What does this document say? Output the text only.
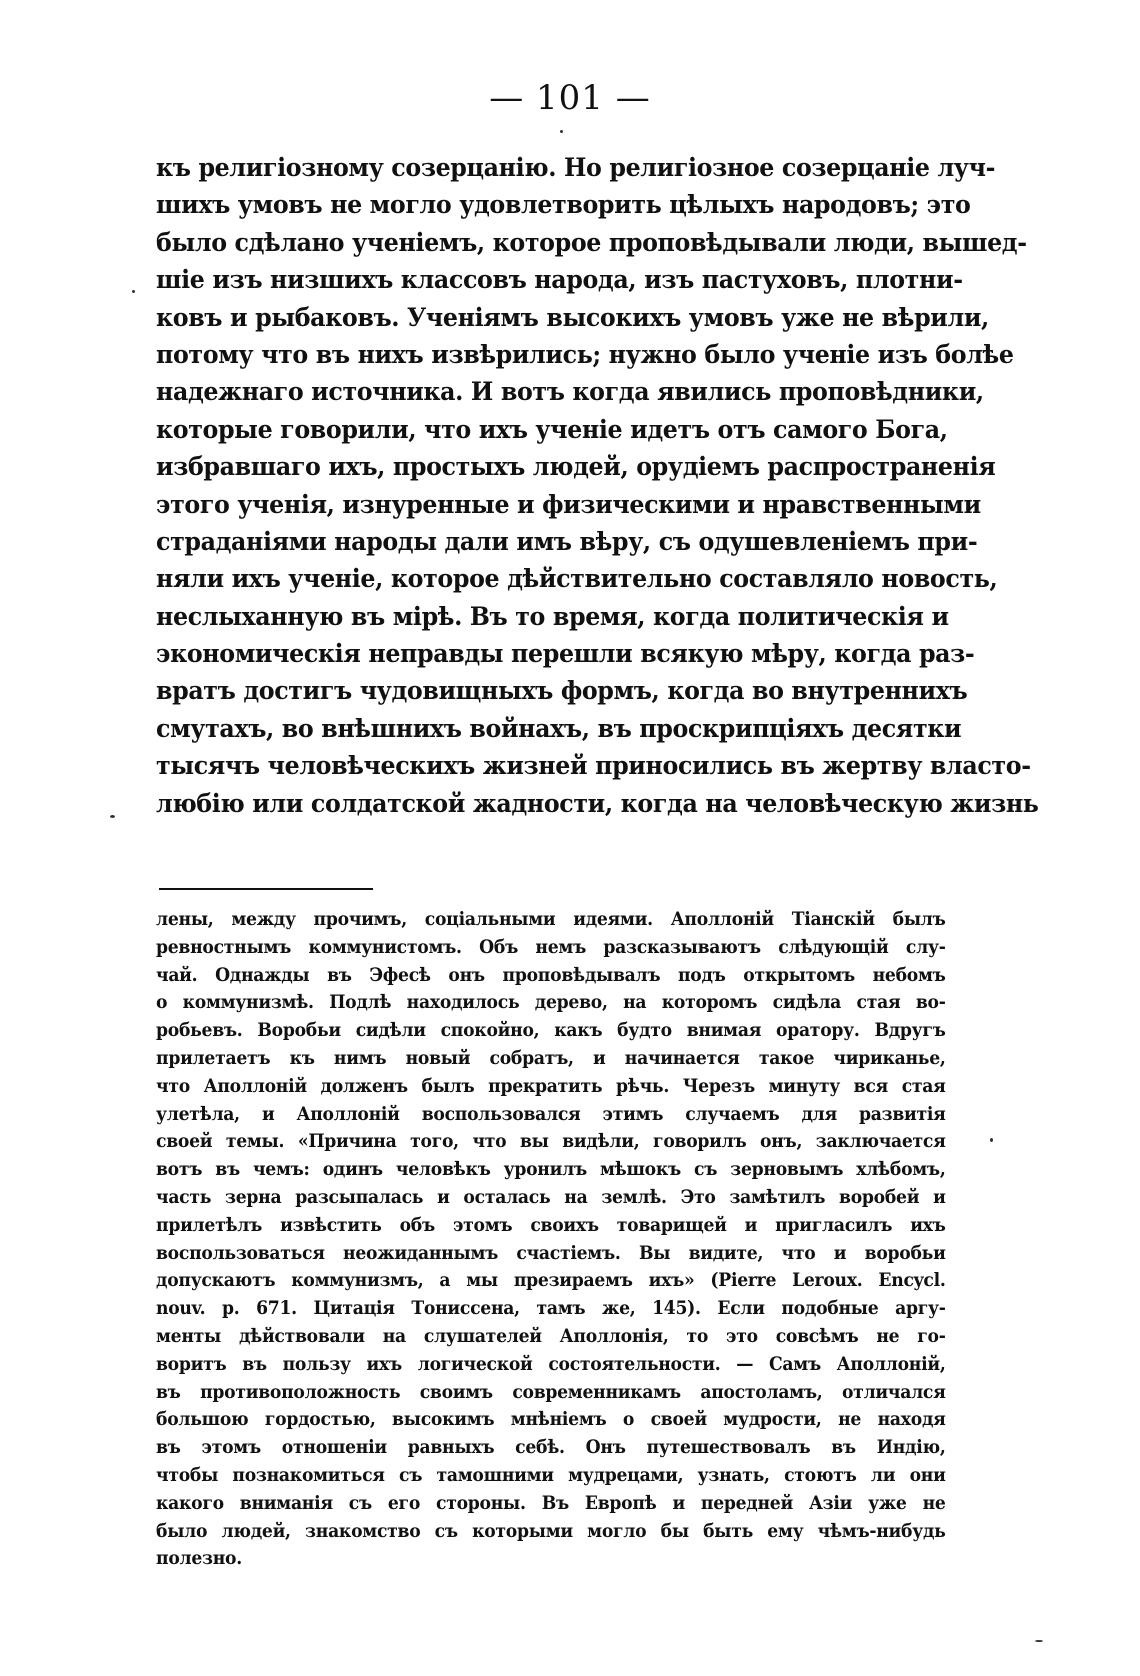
— 101 —
къ религіозному созерцанію. Но религіозное созерцаніе луч-
шихъ умовъ не могло удовлетворить цѣлыхъ народовъ; это
было сдѣлано ученіемъ, которое проповѣдывали люди, вышед-
шіе изъ низшихъ классовъ народа, изъ пастуховъ, плотни-
ковъ и рыбаковъ. Ученіямъ высокихъ умовъ уже не вѣрили,
потому что въ нихъ извѣрились; нужно было ученіе изъ болѣе
надежнаго источника. И вотъ когда явились проповѣдники,
которые говорили, что ихъ ученіе идетъ отъ самого Бога,
избравшаго ихъ, простыхъ людей, орудіемъ распространенія
этого ученія, изнуренные и физическими и нравственными
страданіями народы дали имъ вѣру, съ одушевленіемъ при-
няли ихъ ученіе, которое дѣйствительно составляло новость,
неслыханную въ мірѣ. Въ то время, когда политическія и
экономическія неправды перешли всякую мѣру, когда раз-
вратъ достигъ чудовищныхъ формъ, когда во внутреннихъ
смутахъ, во внѣшнихъ войнахъ, въ проскрипціяхъ десятки
тысячъ человѣческихъ жизней приносились въ жертву власто-
любію или солдатской жадности, когда на человѣческую жизнь
лены, между прочимъ, соціальными идеями. Аполлоній Тіанскій былъ
ревностнымъ коммунистомъ. Объ немъ разсказываютъ слѣдующій слу-
чай. Однажды въ Эфесѣ онъ проповѣдывалъ подъ открытомъ небомъ
о коммунизмѣ. Подлѣ находилось дерево, на которомъ сидѣла стая во-
робьевъ. Воробьи сидѣли спокойно, какъ будто внимая оратору. Вдругъ
прилетаетъ къ нимъ новый собратъ, и начинается такое чириканье,
что Аполлоній долженъ былъ прекратить рѣчь. Черезъ минуту вся стая
улетѣла, и Аполлоній воспользовался этимъ случаемъ для развитія
своей темы. «Причина того, что вы видѣли, говорилъ онъ, заключается
вотъ въ чемъ: одинъ человѣкъ уронилъ мѣшокъ съ зерновымъ хлѣбомъ,
часть зерна разсыпалась и осталась на землѣ. Это замѣтилъ воробей и
прилетѣлъ извѣстить объ этомъ своихъ товарищей и пригласилъ ихъ
воспользоваться неожиданнымъ счастіемъ. Вы видите, что и воробьи
допускаютъ коммунизмъ, а мы презираемъ ихъ» (Pierre Leroux. Encycl.
nouv. p. 671. Цитація Тониссена, тамъ же, 145). Если подобные аргу-
менты дѣйствовали на слушателей Аполлонія, то это совсѣмъ не го-
воритъ въ пользу ихъ логической состоятельности. — Самъ Аполлоній,
въ противоположность своимъ современникамъ апостоламъ, отличался
большою гордостью, высокимъ мнѣніемъ о своей мудрости, не находя
въ этомъ отношеніи равныхъ себѣ. Онъ путешествовалъ въ Индію,
чтобы познакомиться съ тамошними мудрецами, узнать, стоютъ ли они
какого вниманія съ его стороны. Въ Европѣ и передней Азіи уже не
было людей, знакомство съ которыми могло бы быть ему чѣмъ-нибудь
полезно.
